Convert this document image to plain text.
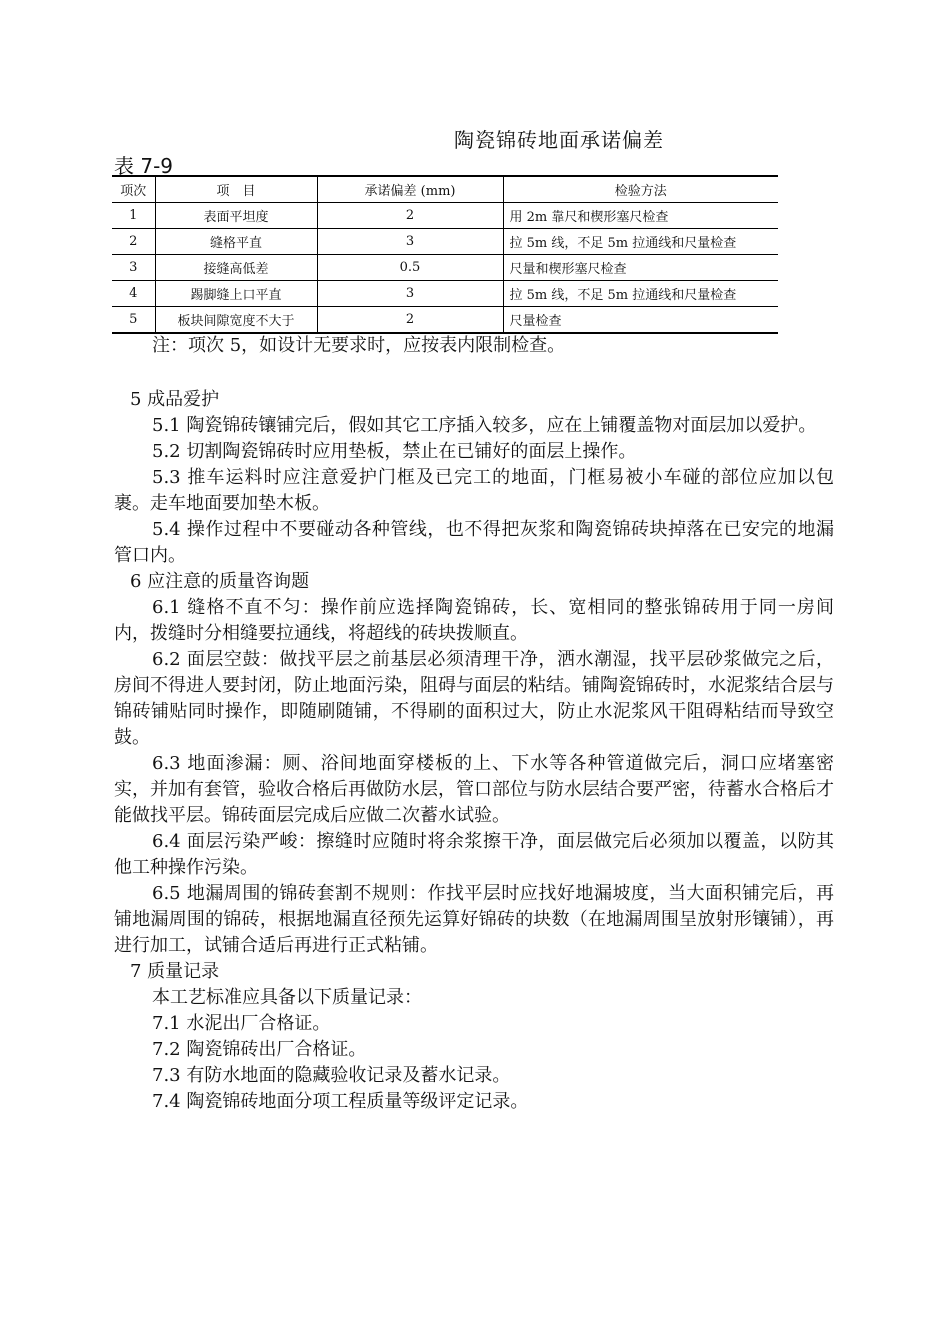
陶瓷锦砖地面承诺偏差
表 7-9
项次	项　目	承诺偏差 (mm)	检验方法
1	表面平坦度	2	用 2m 靠尺和楔形塞尺检查
2	缝格平直	3	拉 5m 线，不足 5m 拉通线和尺量检查
3	接缝高低差	0.5	尺量和楔形塞尺检查
4	踢脚缝上口平直	3	拉 5m 线，不足 5m 拉通线和尺量检查
5	板块间隙宽度不大于	2	尺量检查

注：项次 5，如设计无要求时，应按表内限制检查。

5 成品爱护

5.1 陶瓷锦砖镶铺完后，假如其它工序插入较多，应在上铺覆盖物对面层加以爱护。

5.2 切割陶瓷锦砖时应用垫板，禁止在已铺好的面层上操作。

5.3 推车运料时应注意爱护门框及已完工的地面，门框易被小车碰的部位应加以包裹。走车地面要加垫木板。

5.4 操作过程中不要碰动各种管线，也不得把灰浆和陶瓷锦砖块掉落在已安完的地漏管口内。

6 应注意的质量咨询题

6.1 缝格不直不匀：操作前应选择陶瓷锦砖，长、宽相同的整张锦砖用于同一房间内，拨缝时分相缝要拉通线，将超线的砖块拨顺直。

6.2 面层空鼓：做找平层之前基层必须清理干净，洒水潮湿，找平层砂浆做完之后，房间不得进人要封闭，防止地面污染，阻碍与面层的粘结。铺陶瓷锦砖时，水泥浆结合层与锦砖铺贴同时操作，即随刷随铺，不得刷的面积过大，防止水泥浆风干阻碍粘结而导致空鼓。

6.3 地面渗漏：厕、浴间地面穿楼板的上、下水等各种管道做完后，洞口应堵塞密实，并加有套管，验收合格后再做防水层，管口部位与防水层结合要严密，待蓄水合格后才能做找平层。锦砖面层完成后应做二次蓄水试验。

6.4 面层污染严峻：擦缝时应随时将余浆擦干净，面层做完后必须加以覆盖，以防其他工种操作污染。

6.5 地漏周围的锦砖套割不规则：作找平层时应找好地漏坡度，当大面积铺完后，再铺地漏周围的锦砖，根据地漏直径预先运算好锦砖的块数（在地漏周围呈放射形镶铺），再进行加工，试铺合适后再进行正式粘铺。

7 质量记录

本工艺标准应具备以下质量记录：

7.1 水泥出厂合格证。

7.2 陶瓷锦砖出厂合格证。

7.3 有防水地面的隐藏验收记录及蓄水记录。

7.4 陶瓷锦砖地面分项工程质量等级评定记录。
